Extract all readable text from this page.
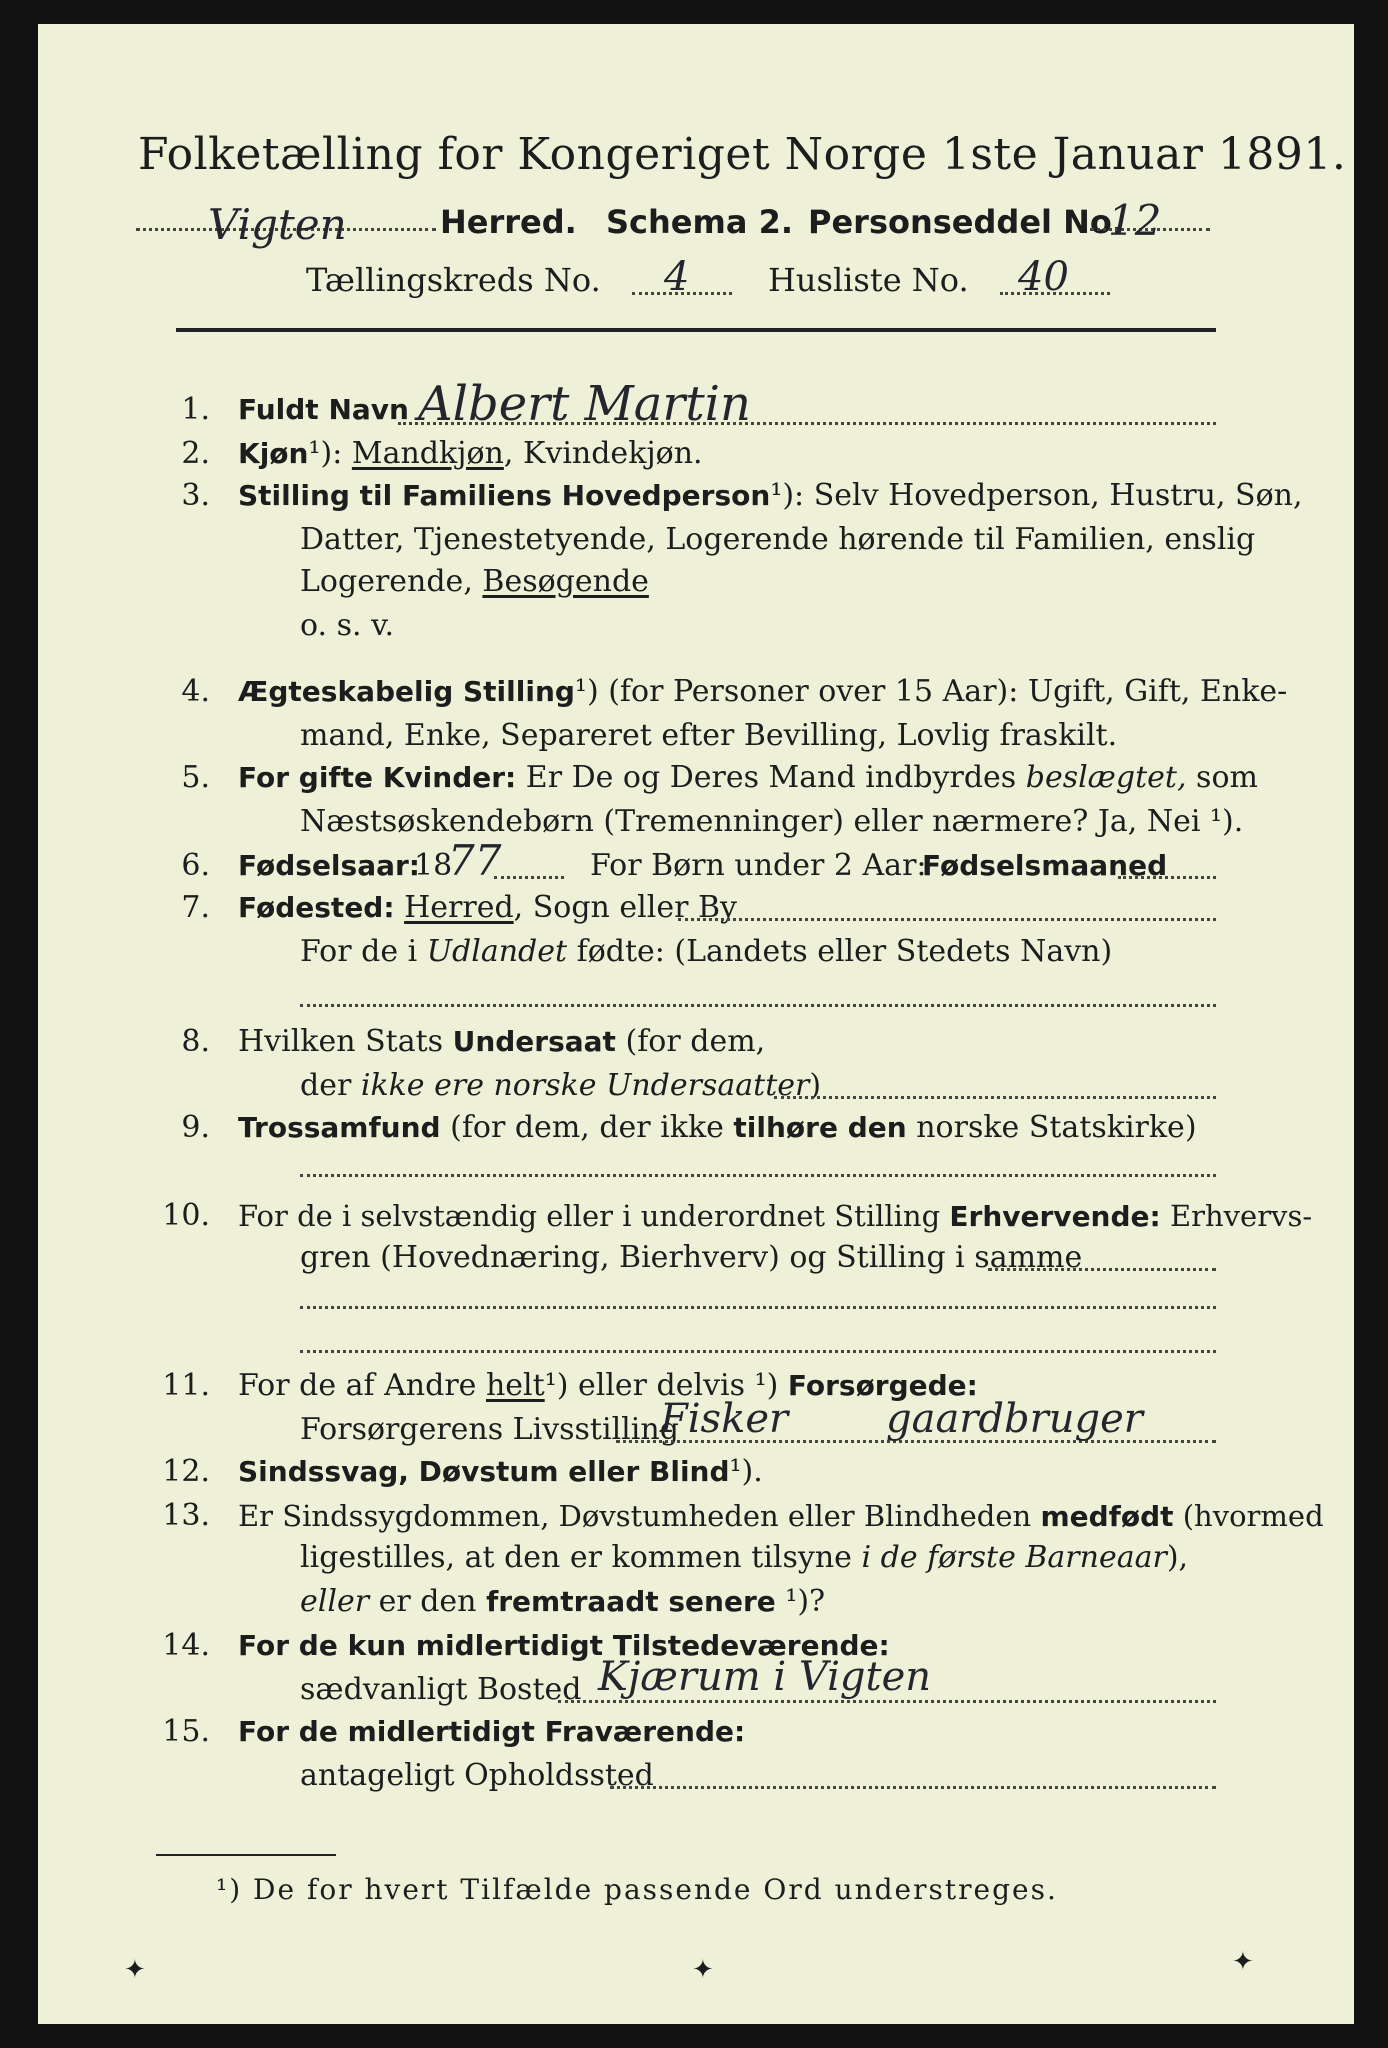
Folketælling for Kongeriget Norge 1ste Januar 1891.
Vigten	Herred. Schema 2. Personseddel No.
12
Tællingskreds No. 4 Husliste No. 40
1. Fuldt Navn Albert Martin
2. Kjøn¹): Mandkjøn, Kvindekjøn.
3. Stilling til Familiens Hovedperson¹): Selv Hovedperson, Hustru, Søn,
Datter, Tjenestetyende, Logerende hørende til Familien, enslig
Logerende, Besøgende
o. s. v.
4. Ægteskabelig Stilling¹) (for Personer over 15 Aar): Ugift, Gift, Enke-
mand, Enke, Separeret efter Bevilling, Lovlig fraskilt.
5. For gifte Kvinder: Er De og Deres Mand indbyrdes beslægtet, som
Næstsøskendebørn (Tremenninger) eller nærmere? Ja, Nei ¹).
6. Fødselsaar:
18
77	For Børn under 2 Aar:
Fødselsmaaned
7. Fødested: Herred, Sogn eller By
For de i Udlandet fødte: (Landets eller Stedets Navn)
8. Hvilken Stats Undersaat (for dem,
der ikke ere norske Undersaatter)
9. Trossamfund (for dem, der ikke tilhøre den norske Statskirke)
10. For de i selvstændig eller i underordnet Stilling Erhvervende: Erhvervs-
gren (Hovednæring, Bierhverv) og Stilling i samme
11. For de af Andre helt¹) eller delvis ¹) Forsørgede:
Forsørgerens Livsstilling
Fisker gaardbruger
12. Sindssvag, Døvstum eller Blind¹).
13. Er Sindssygdommen, Døvstumheden eller Blindheden medfødt (hvormed
ligestilles, at den er kommen tilsyne i de første Barneaar),
eller er den fremtraadt senere ¹)?
14. For de kun midlertidigt Tilstedeværende:
sædvanligt Bosted Kjærum i Vigten
15. For de midlertidigt Fraværende:
antageligt Opholdssted
¹) De for hvert Tilfælde passende Ord understreges.
✦	✦	✦
